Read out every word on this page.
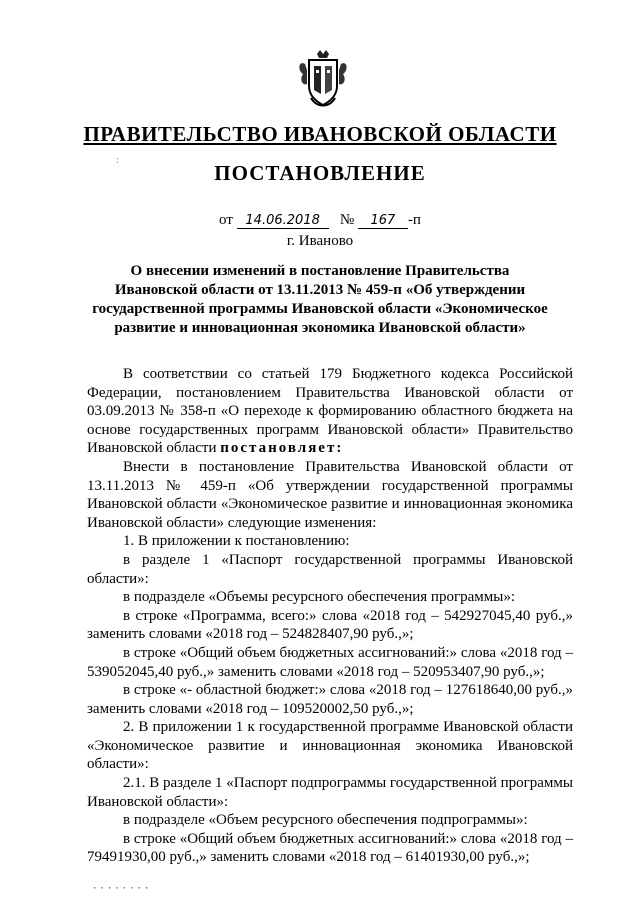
ПРАВИТЕЛЬСТВО ИВАНОВСКОЙ ОБЛАСТИ
:
ПОСТАНОВЛЕНИЕ
от 14.06.2018 № 167 -п
г. Иваново
О внесении изменений в постановление Правительства Ивановской области от 13.11.2013 № 459-п «Об утверждении государственной программы Ивановской области «Экономическое развитие и инновационная экономика Ивановской области»

В соответствии со статьей 179 Бюджетного кодекса Российской Федерации, постановлением Правительства Ивановской области от 03.09.2013 № 358-п «О переходе к формированию областного бюджета на основе государственных программ Ивановской области» Правительство Ивановской области постановляет:

Внести в постановление Правительства Ивановской области от 13.11.2013 № 459-п «Об утверждении государственной программы Ивановской области «Экономическое развитие и инновационная экономика Ивановской области» следующие изменения:

1. В приложении к постановлению:

в разделе 1 «Паспорт государственной программы Ивановской области»:

в подразделе «Объемы ресурсного обеспечения программы»:

в строке «Программа, всего:» слова «2018 год – 542927045,40 руб.,» заменить словами «2018 год – 524828407,90 руб.,»;

в строке «Общий объем бюджетных ассигнований:» слова «2018 год – 539052045,40 руб.,» заменить словами «2018 год – 520953407,90 руб.,»;

в строке «- областной бюджет:» слова «2018 год – 127618640,00 руб.,» заменить словами «2018 год – 109520002,50 руб.,»;

2. В приложении 1 к государственной программе Ивановской области «Экономическое развитие и инновационная экономика Ивановской области»:

2.1. В разделе 1 «Паспорт подпрограммы государственной программы Ивановской области»:

в подразделе «Объем ресурсного обеспечения подпрограммы»:

в строке «Общий объем бюджетных ассигнований:» слова «2018 год – 79491930,00 руб.,» заменить словами «2018 год – 61401930,00 руб.,»;

········
